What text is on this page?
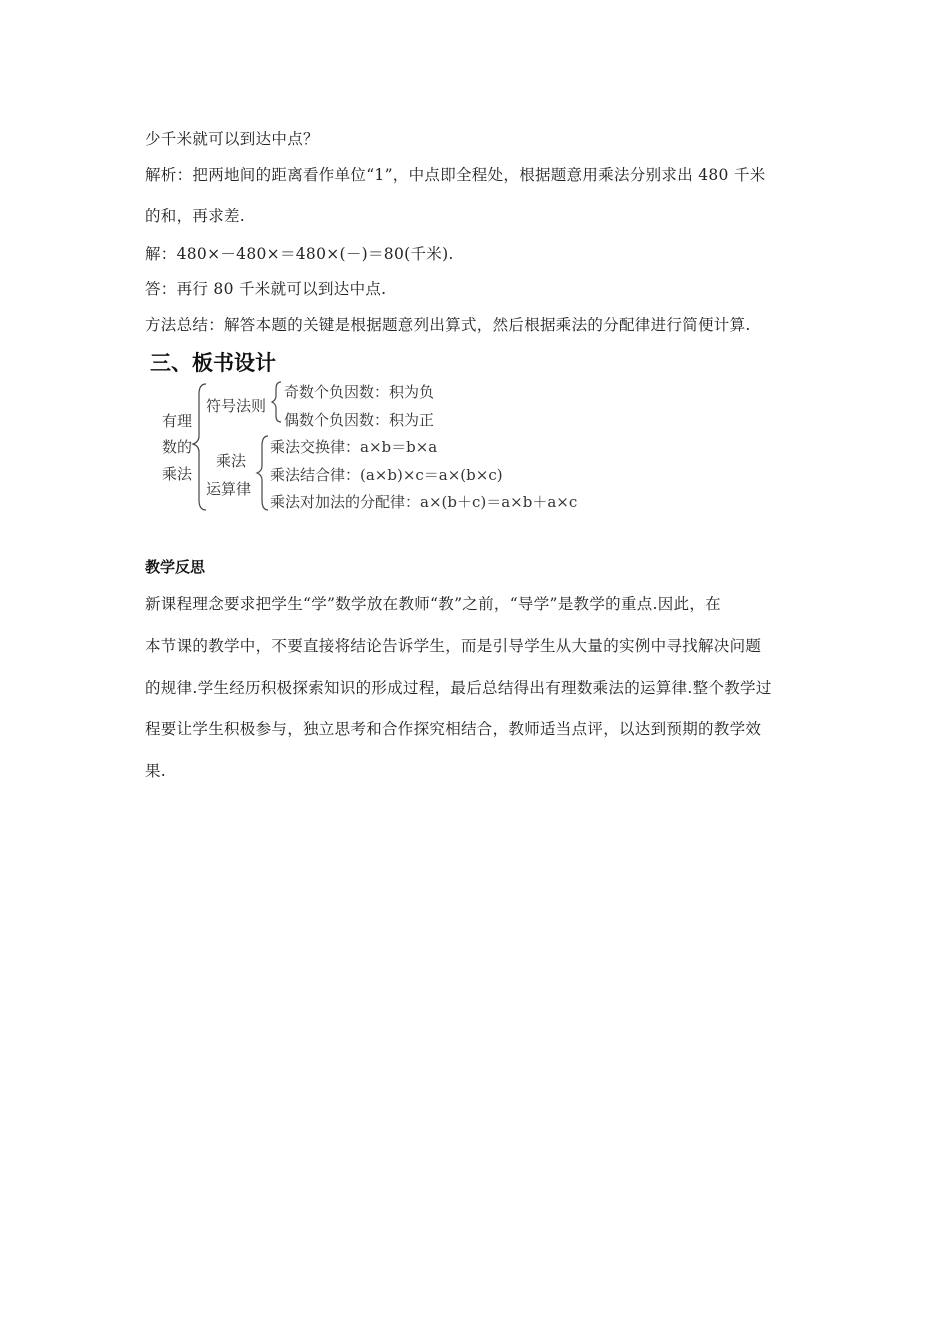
少千米就可以到达中点？
解析：把两地间的距离看作单位“1”，中点即全程处，根据题意用乘法分别求出 480 千米
的和，再求差.
解：480×－480×＝480×(－)＝80(千米).
答：再行 80 千米就可以到达中点.
方法总结：解答本题的关键是根据题意列出算式，然后根据乘法的分配律进行简便计算.
三、板书设计
有理
数的
乘法
符号法则
奇数个负因数：积为负
偶数个负因数：积为正
乘法
运算律
乘法交换律：a×b＝b×a
乘法结合律：(a×b)×c＝a×(b×c)
乘法对加法的分配律：a×(b＋c)＝a×b＋a×c
教学反思
新课程理念要求把学生“学”数学放在教师“教”之前，“导学”是教学的重点.因此，在
本节课的教学中，不要直接将结论告诉学生，而是引导学生从大量的实例中寻找解决问题
的规律.学生经历积极探索知识的形成过程，最后总结得出有理数乘法的运算律.整个教学过
程要让学生积极参与，独立思考和合作探究相结合，教师适当点评，以达到预期的教学效
果.
